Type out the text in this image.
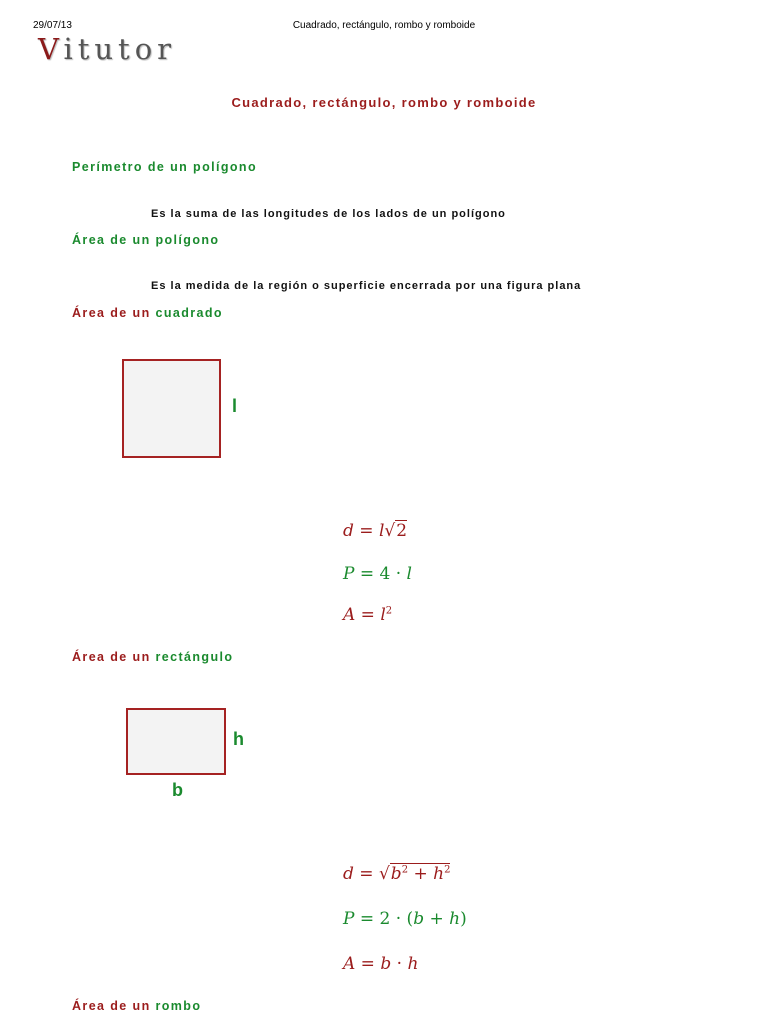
29/07/13	Cuadrado, rectángulo, rombo y romboide
Vitutor
Cuadrado, rectángulo, rombo y romboide
Perímetro de un polígono
Es la suma de las longitudes de los lados de un polígono
Área de un polígono
Es la medida de la región o superficie encerrada por una figura plana
Área de un cuadrado
l
d = l√2
P = 4 · l
$A = l^2$
Área de un rectángulo
h
b
$d = √b^2 + h^2$
P = 2 · (b + h)
A = b · h
Área de un rombo
